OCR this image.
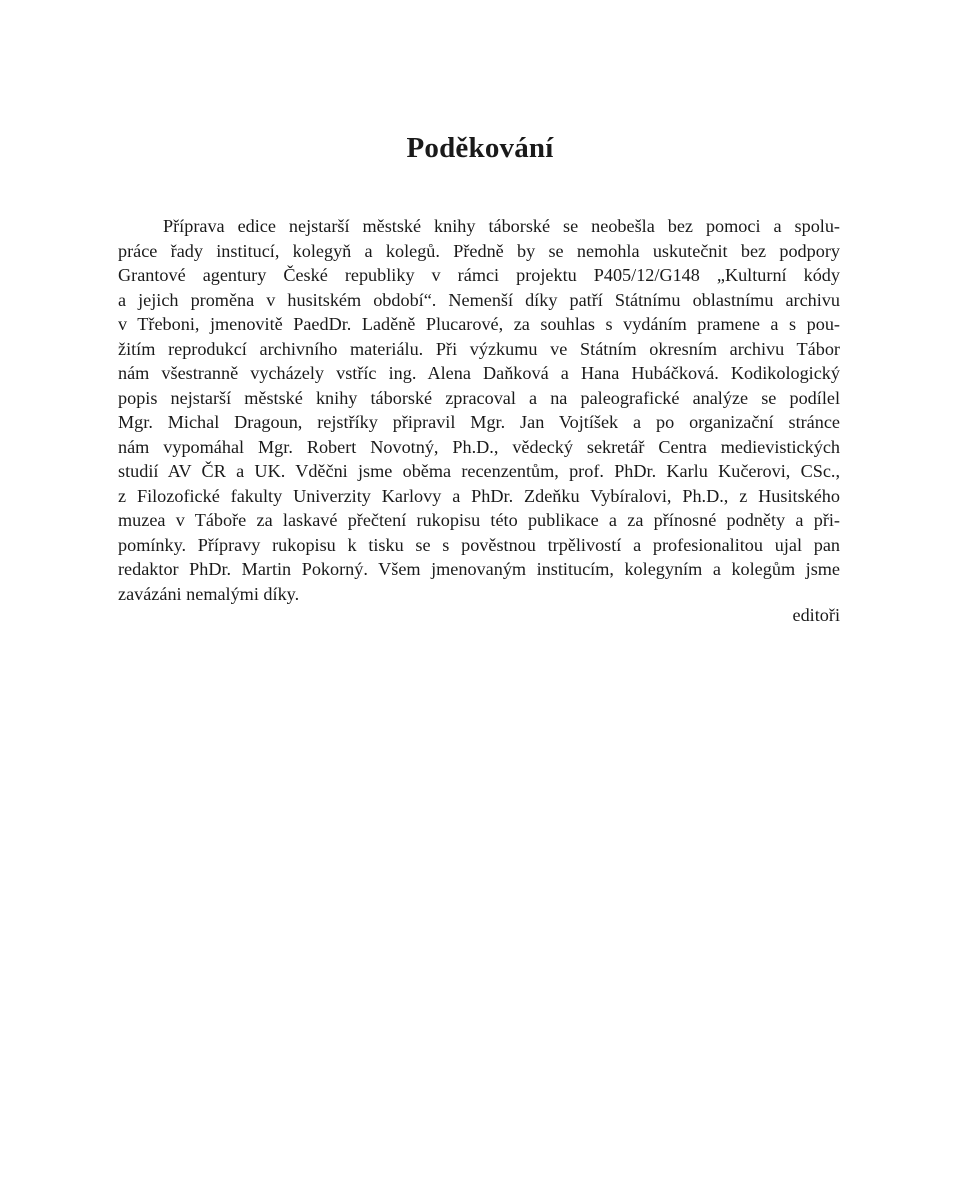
Poděkování
Příprava edice nejstarší městské knihy táborské se neobešla bez pomoci a spolu-
práce řady institucí, kolegyň a kolegů. Předně by se nemohla uskutečnit bez podpory
Grantové agentury České republiky v rámci projektu P405/12/G148 „Kulturní kódy
a jejich proměna v husitském období“. Nemenší díky patří Státnímu oblastnímu archivu
v Třeboni, jmenovitě PaedDr. Laděně Plucarové, za souhlas s vydáním pramene a s pou-
žitím reprodukcí archivního materiálu. Při výzkumu ve Státním okresním archivu Tábor
nám všestranně vycházely vstříc ing. Alena Daňková a Hana Hubáčková. Kodikologický
popis nejstarší městské knihy táborské zpracoval a na paleografické analýze se podílel
Mgr. Michal Dragoun, rejstříky připravil Mgr. Jan Vojtíšek a po organizační stránce
nám vypomáhal Mgr. Robert Novotný, Ph.D., vědecký sekretář Centra medievistických
studií AV ČR a UK. Vděčni jsme oběma recenzentům, prof. PhDr. Karlu Kučerovi, CSc.,
z Filozofické fakulty Univerzity Karlovy a PhDr. Zdeňku Vybíralovi, Ph.D., z Husitského
muzea v Táboře za laskavé přečtení rukopisu této publikace a za přínosné podněty a při-
pomínky. Přípravy rukopisu k tisku se s pověstnou trpělivostí a profesionalitou ujal pan
redaktor PhDr. Martin Pokorný. Všem jmenovaným institucím, kolegyním a kolegům jsme
zavázáni nemalými díky.
editoři
